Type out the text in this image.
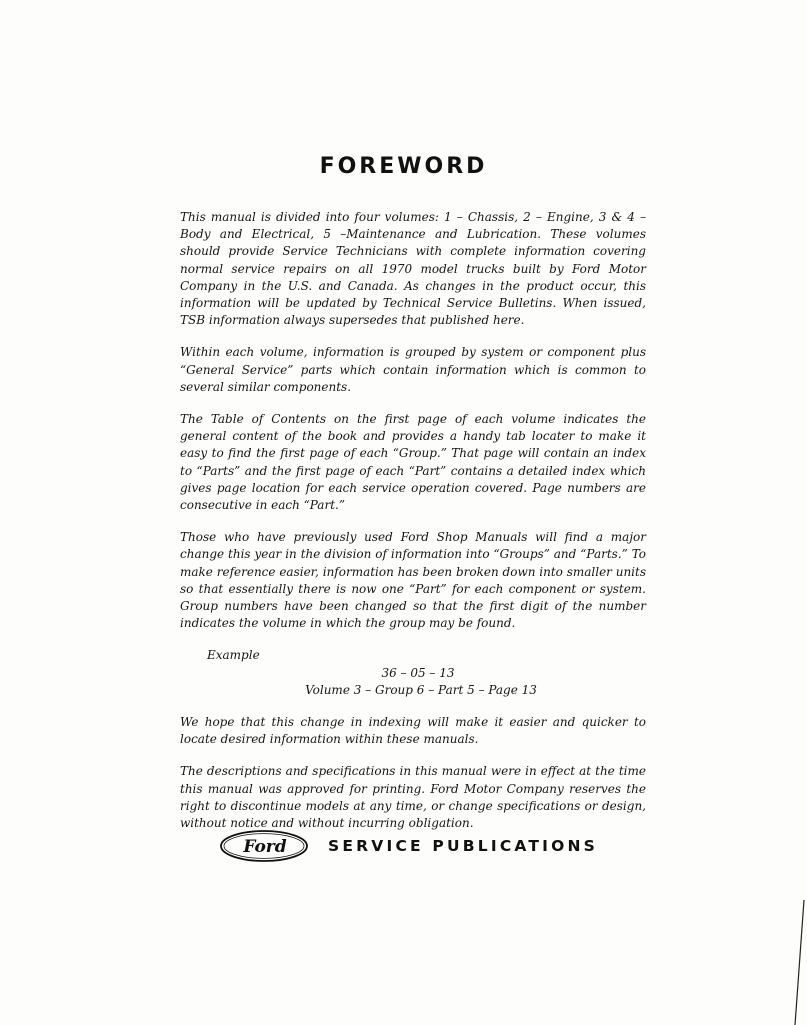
FOREWORD

This manual is divided into four volumes: 1 – Chassis, 2 – Engine, 3 & 4 – Body and Electrical, 5 –Maintenance and Lubrication. These volumes should provide Service Technicians with complete information covering normal service repairs on all 1970 model trucks built by Ford Motor Company in the U.S. and Canada. As changes in the product occur, this information will be updated by Technical Service Bulletins. When issued, TSB information always supersedes that published here.

Within each volume, information is grouped by system or component plus “General Service” parts which contain information which is common to several similar components.

The Table of Contents on the first page of each volume indicates the general content of the book and provides a handy tab locater to make it easy to find the first page of each “Group.” That page will contain an index to “Parts” and the first page of each “Part” contains a detailed index which gives page location for each service operation covered. Page numbers are consecutive in each “Part.”

Those who have previously used Ford Shop Manuals will find a major change this year in the division of information into “Groups” and “Parts.” To make reference easier, information has been broken down into smaller units so that essentially there is now one “Part” for each component or system. Group numbers have been changed so that the first digit of the number indicates the volume in which the group may be found.

Example

36 – 05 – 13

Volume 3 – Group 6 – Part 5 – Page 13

We hope that this change in indexing will make it easier and quicker to locate desired information within these manuals.

The descriptions and specifications in this manual were in effect at the time this manual was approved for printing. Ford Motor Company reserves the right to discontinue models at any time, or change specifications or design, without notice and without incurring obligation.

Ford	SERVICE PUBLICATIONS
